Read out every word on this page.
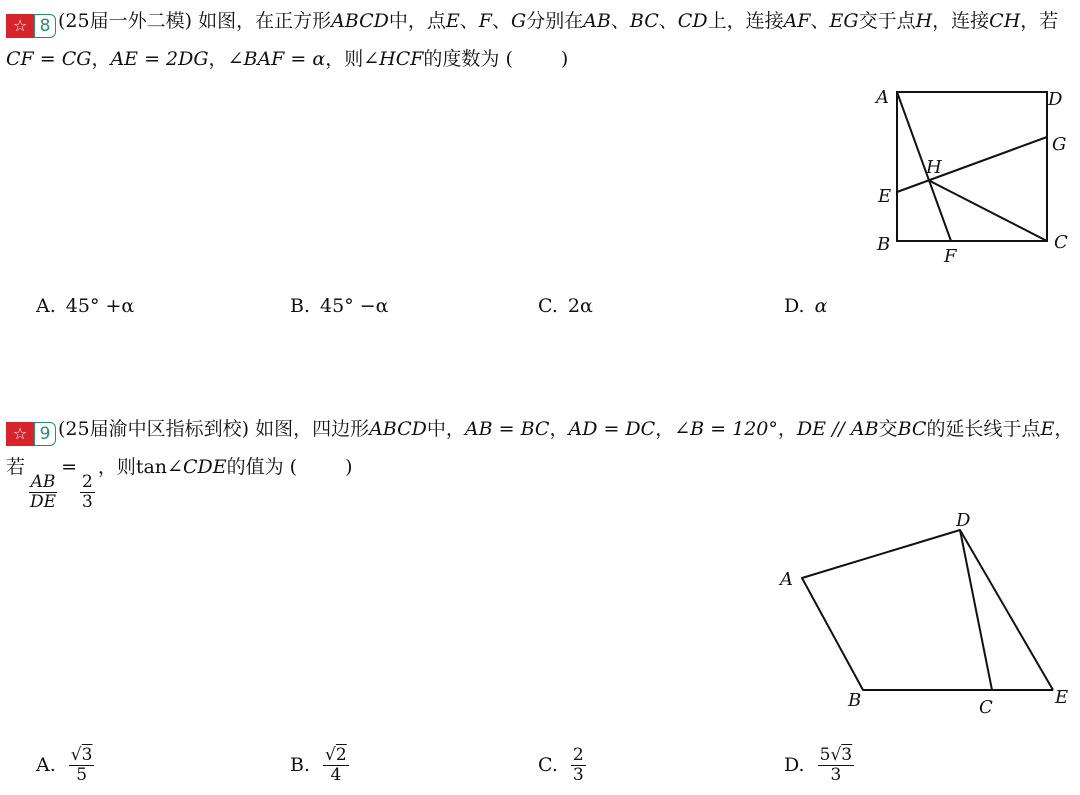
☆ 8 (25届一外二模) 如图，在正方形ABCD中，点E、F、G分别在AB、BC、CD上，连接AF、EG交于点H，连接CH，若CF = CG，AE = 2DG，∠BAF = α，则∠HCF的度数为 (	)

A	D
G
H
E
B	C
F
A. 45° +α	B. 45° −α	C. 2α	D. α

☆ 9 (25届渝中区指标到校) 如图，四边形ABCD中，AB = BC，AD = DC，∠B = 120°，DE // AB交BC的延长线于点E，若
$\frac{AB}{DE}$
=
$\frac{2}{3}$
，则tan∠CDE的值为 (	)

A
D
B	C	E
A. $\frac{√3}{5}$	B. $\frac{√2}{4}$	C. $\frac{2}{3}$	D. $\frac{5√3}{3}$
